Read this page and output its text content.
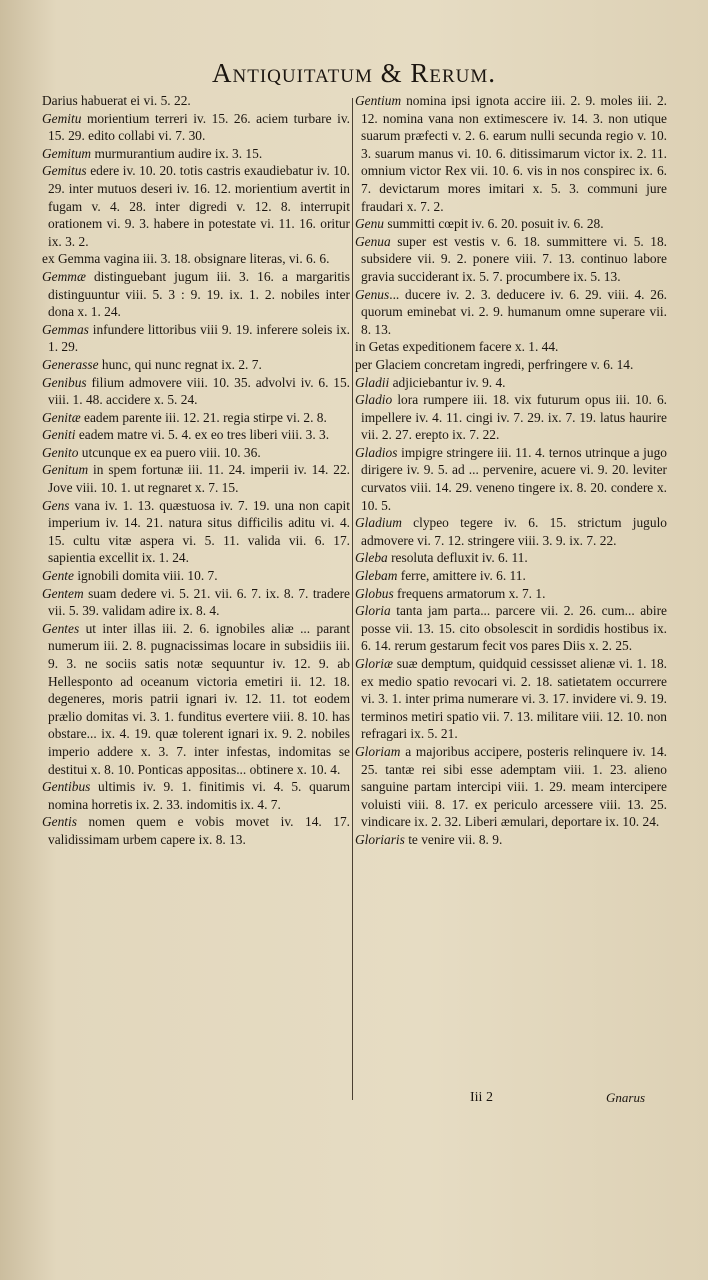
Antiquitatum & Rerum.

Darius habuerat ei vi. 5. 22.

Gemitu morientium terreri iv. 15. 26. aciem turbare iv. 15. 29. edito collabi vi. 7. 30.

Gemitum murmurantium audire ix. 3. 15.

Gemitus edere iv. 10. 20. totis castris exaudiebatur iv. 10. 29. inter mutuos deseri iv. 16. 12. morientium avertit in fugam v. 4. 28. inter digredi v. 12. 8. interrupit orationem vi. 9. 3. habere in potestate vi. 11. 16. oritur ix. 3. 2.

ex Gemma vagina iii. 3. 18. obsignare literas, vi. 6. 6.

Gemmæ distinguebant jugum iii. 3. 16. a margaritis distinguuntur viii. 5. 3 : 9. 19. ix. 1. 2. nobiles inter dona x. 1. 24.

Gemmas infundere littoribus viii 9. 19. inferere soleis ix. 1. 29.

Generasse hunc, qui nunc regnat ix. 2. 7.

Genibus filium admovere viii. 10. 35. advolvi iv. 6. 15. viii. 1. 48. accidere x. 5. 24.

Genitæ eadem parente iii. 12. 21. regia stirpe vi. 2. 8.

Geniti eadem matre vi. 5. 4. ex eo tres liberi viii. 3. 3.

Genito utcunque ex ea puero viii. 10. 36.

Genitum in spem fortunæ iii. 11. 24. imperii iv. 14. 22. Jove viii. 10. 1. ut regnaret x. 7. 15.

Gens vana iv. 1. 13. quæstuosa iv. 7. 19. una non capit imperium iv. 14. 21. natura situs difficilis aditu vi. 4. 15. cultu vitæ aspera vi. 5. 11. valida vii. 6. 17. sapientia excellit ix. 1. 24.

Gente ignobili domita viii. 10. 7.

Gentem suam dedere vi. 5. 21. vii. 6. 7. ix. 8. 7. tradere vii. 5. 39. validam adire ix. 8. 4.

Gentes ut inter illas iii. 2. 6. ignobiles aliæ ... parant numerum iii. 2. 8. pugnacissimas locare in subsidiis iii. 9. 3. ne sociis satis notæ sequuntur iv. 12. 9. ab Hellesponto ad oceanum victoria emetiri ii. 12. 18. degeneres, moris patrii ignari iv. 12. 11. tot eodem prælio domitas vi. 3. 1. funditus evertere viii. 8. 10. has obstare... ix. 4. 19. quæ tolerent ignari ix. 9. 2. nobiles imperio addere x. 3. 7. inter infestas, indomitas se destitui x. 8. 10. Ponticas appositas... obtinere x. 10. 4.

Gentibus ultimis iv. 9. 1. finitimis vi. 4. 5. quarum nomina horretis ix. 2. 33. indomitis ix. 4. 7.

Gentis nomen quem e vobis movet iv. 14. 17. validissimam urbem capere ix. 8. 13.

Gentium nomina ipsi ignota accire iii. 2. 9. moles iii. 2. 12. nomina vana non extimescere iv. 14. 3. non utique suarum præfecti v. 2. 6. earum nulli secunda regio v. 10. 3. suarum manus vi. 10. 6. ditissimarum victor ix. 2. 11. omnium victor Rex vii. 10. 6. vis in nos conspirec ix. 6. 7. devictarum mores imitari x. 5. 3. communi jure fraudari x. 7. 2.

Genu summitti cœpit iv. 6. 20. posuit iv. 6. 28.

Genua super est vestis v. 6. 18. summittere vi. 5. 18. subsidere vii. 9. 2. ponere viii. 7. 13. continuo labore gravia succiderant ix. 5. 7. procumbere ix. 5. 13.

Genus... ducere iv. 2. 3. deducere iv. 6. 29. viii. 4. 26. quorum eminebat vi. 2. 9. humanum omne superare vii. 8. 13.

in Getas expeditionem facere x. 1. 44.

per Glaciem concretam ingredi, perfringere v. 6. 14.

Gladii adjiciebantur iv. 9. 4.

Gladio lora rumpere iii. 18. vix futurum opus iii. 10. 6. impellere iv. 4. 11. cingi iv. 7. 29. ix. 7. 19. latus haurire vii. 2. 27. erepto ix. 7. 22.

Gladios impigre stringere iii. 11. 4. ternos utrinque a jugo dirigere iv. 9. 5. ad ... pervenire, acuere vi. 9. 20. leviter curvatos viii. 14. 29. veneno tingere ix. 8. 20. condere x. 10. 5.

Gladium clypeo tegere iv. 6. 15. strictum jugulo admovere vi. 7. 12. stringere viii. 3. 9. ix. 7. 22.

Gleba resoluta defluxit iv. 6. 11.

Glebam ferre, amittere iv. 6. 11.

Globus frequens armatorum x. 7. 1.

Gloria tanta jam parta... parcere vii. 2. 26. cum... abire posse vii. 13. 15. cito obsolescit in sordidis hostibus ix. 6. 14. rerum gestarum fecit vos pares Diis x. 2. 25.

Gloriæ suæ demptum, quidquid cessisset alienæ vi. 1. 18. ex medio spatio revocari vi. 2. 18. satietatem occurrere vi. 3. 1. inter prima numerare vi. 3. 17. invidere vi. 9. 19. terminos metiri spatio vii. 7. 13. militare viii. 12. 10. non refragari ix. 5. 21.

Gloriam a majoribus accipere, posteris relinquere iv. 14. 25. tantæ rei sibi esse ademptam viii. 1. 23. alieno sanguine partam intercipi viii. 1. 29. meam intercipere voluisti viii. 8. 17. ex periculo arcessere viii. 13. 25. vindicare ix. 2. 32. Liberi æmulari, deportare ix. 10. 24.

Gloriaris te venire vii. 8. 9.

Iii 2	Gnarus
